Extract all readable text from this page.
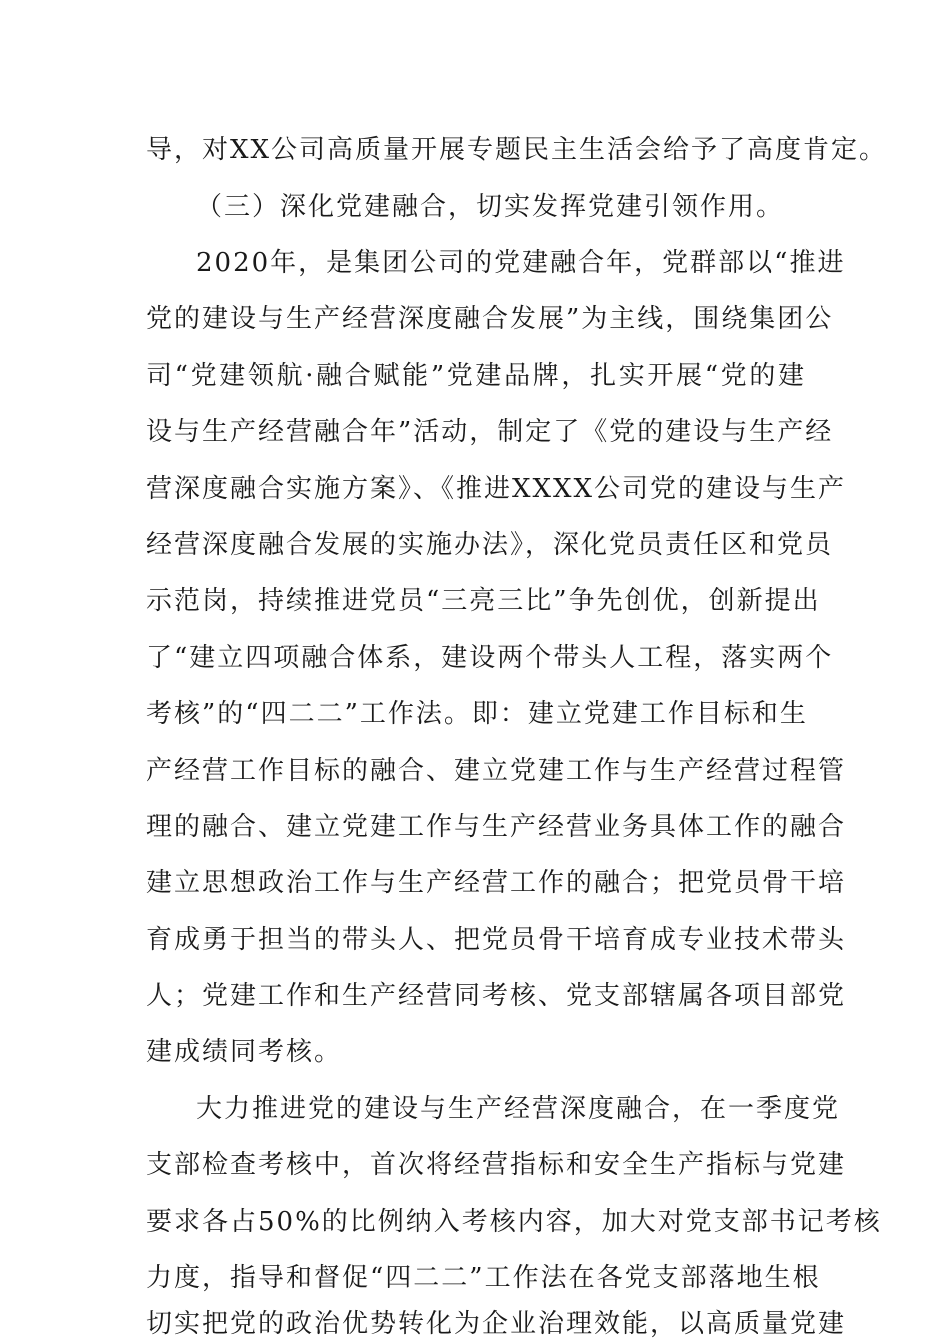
导，对XX公司高质量开展专题民主生活会给予了高度肯定。
（三）深化党建融合，切实发挥党建引领作用。
2020年，是集团公司的党建融合年，党群部以“推进
党的建设与生产经营深度融合发展”为主线，围绕集团公
司“党建领航·融合赋能”党建品牌，扎实开展“党的建
设与生产经营融合年”活动，制定了《党的建设与生产经
营深度融合实施方案》、《推进XXXX公司党的建设与生产
经营深度融合发展的实施办法》，深化党员责任区和党员
示范岗，持续推进党员“三亮三比”争先创优，创新提出
了“建立四项融合体系，建设两个带头人工程，落实两个
考核”的“四二二”工作法。即：建立党建工作目标和生
产经营工作目标的融合、建立党建工作与生产经营过程管
理的融合、建立党建工作与生产经营业务具体工作的融合
建立思想政治工作与生产经营工作的融合；把党员骨干培
育成勇于担当的带头人、把党员骨干培育成专业技术带头
人；党建工作和生产经营同考核、党支部辖属各项目部党
建成绩同考核。
大力推进党的建设与生产经营深度融合，在一季度党
支部检查考核中，首次将经营指标和安全生产指标与党建
要求各占50%的比例纳入考核内容，加大对党支部书记考核
力度，指导和督促“四二二”工作法在各党支部落地生根
切实把党的政治优势转化为企业治理效能，以高质量党建
